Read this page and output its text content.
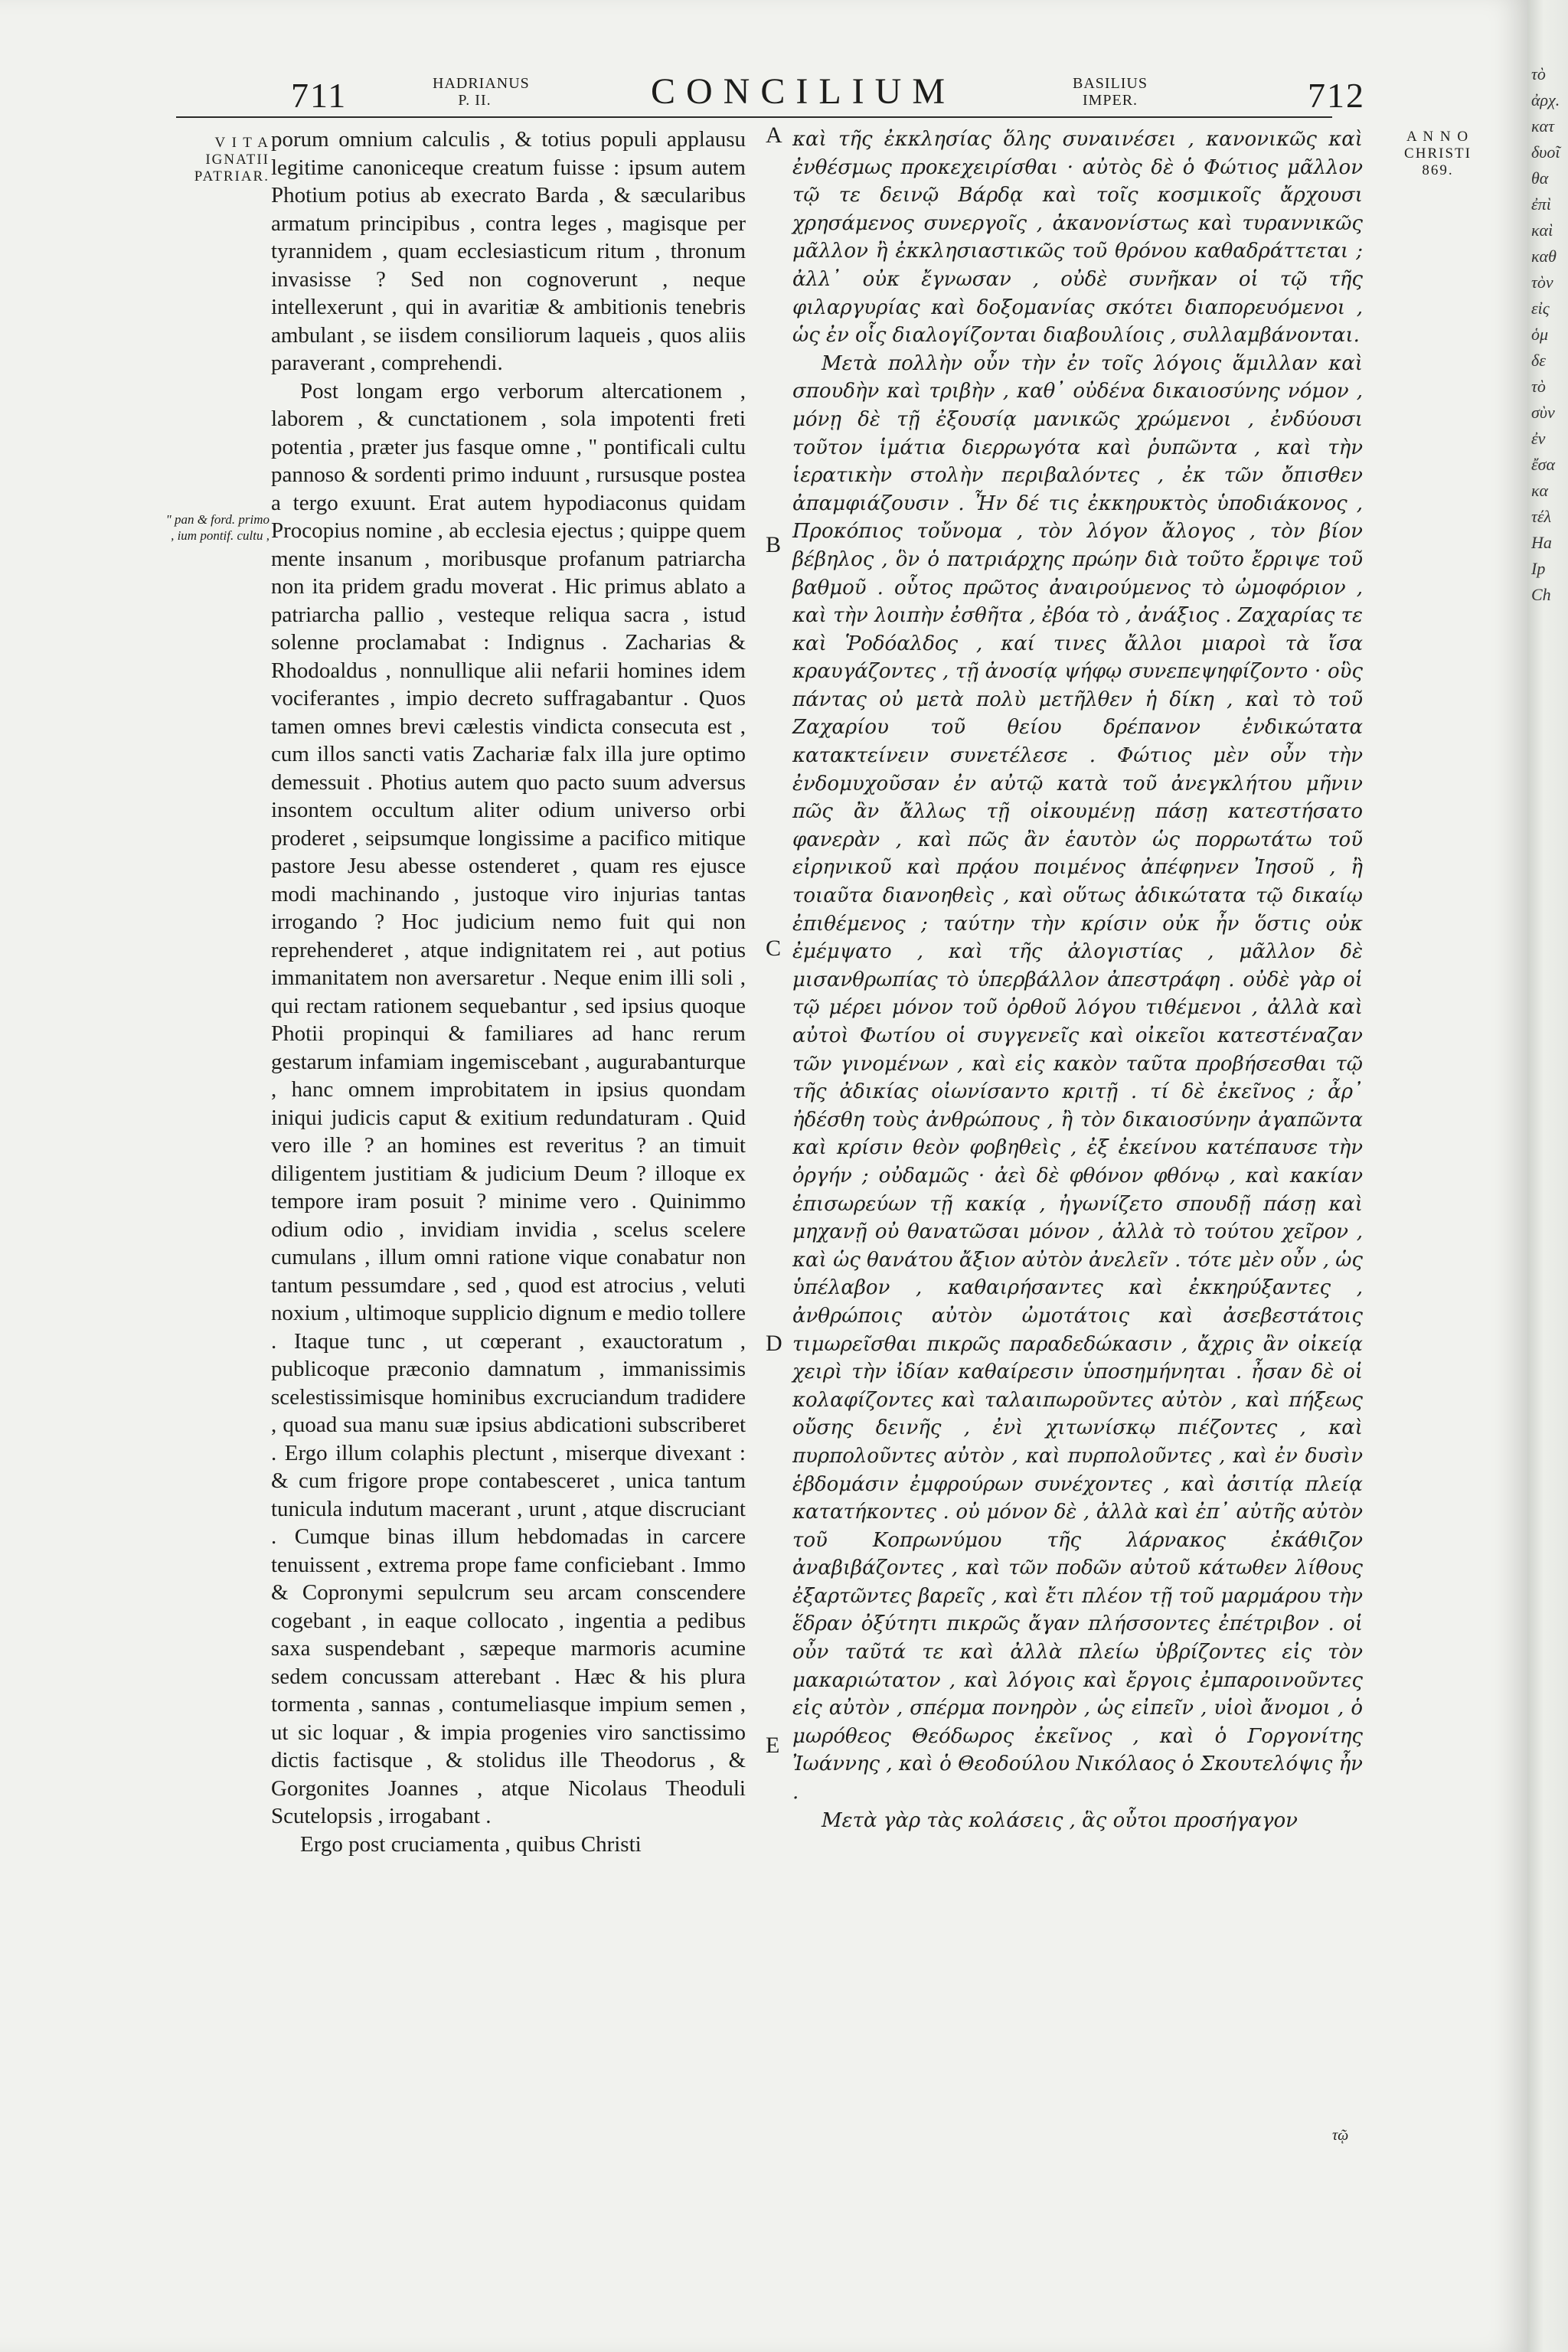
711	HADRIANUS
P. II.	CONCILIUM	BASILIUS
IMPER.	712
V I T A
IGNATII
PATRIAR.
" pan & ford. primo , ium pontif. cultu ,
A N N O
CHRISTI
869.

porum omnium calculis , & totius populi applausu legitime canoniceque creatum fuisse : ipsum autem Photium potius ab execrato Barda , & sæcularibus armatum principibus , contra leges , magisque per tyrannidem , quam ecclesiasticum ritum , thronum invasisse ? Sed non cognoverunt , neque intellexerunt , qui in avaritiæ & ambitionis tenebris ambulant , se iisdem consiliorum laqueis , quos aliis paraverant , comprehendi.

Post longam ergo verborum altercationem , laborem , & cunctationem , sola impotenti freti potentia , præter jus fasque omne , " pontificali cultu pannoso & sordenti primo induunt , rursusque postea a tergo exuunt. Erat autem hypodiaconus quidam Procopius nomine , ab ecclesia ejectus ; quippe quem mente insanum , moribusque profanum patriarcha non ita pridem gradu moverat . Hic primus ablato a patriarcha pallio , vesteque reliqua sacra , istud solenne proclamabat : Indignus . Zacharias & Rhodoaldus , nonnullique alii nefarii homines idem vociferantes , impio decreto suffragabantur . Quos tamen omnes brevi cælestis vindicta consecuta est , cum illos sancti vatis Zachariæ falx illa jure optimo demessuit . Photius autem quo pacto suum adversus insontem occultum aliter odium universo orbi proderet , seipsumque longissime a pacifico mitique pastore Jesu abesse ostenderet , quam res ejusce modi machinando , justoque viro injurias tantas irrogando ? Hoc judicium nemo fuit qui non reprehenderet , atque indignitatem rei , aut potius immanitatem non aversaretur . Neque enim illi soli , qui rectam rationem sequebantur , sed ipsius quoque Photii propinqui & familiares ad hanc rerum gestarum infamiam ingemiscebant , augurabanturque , hanc omnem improbitatem in ipsius quondam iniqui judicis caput & exitium redundaturam . Quid vero ille ? an homines est reveritus ? an timuit diligentem justitiam & judicium Deum ? illoque ex tempore iram posuit ? minime vero . Quinimmo odium odio , invidiam invidia , scelus scelere cumulans , illum omni ratione vique conabatur non tantum pessumdare , sed , quod est atrocius , veluti noxium , ultimoque supplicio dignum e medio tollere . Itaque tunc , ut cœperant , exauctoratum , publicoque præconio damnatum , immanissimis scelestissimisque hominibus excruciandum tradidere , quoad sua manu suæ ipsius abdicationi subscriberet . Ergo illum colaphis plectunt , miserque divexant : & cum frigore prope contabesceret , unica tantum tunicula indutum macerant , urunt , atque discruciant . Cumque binas illum hebdomadas in carcere tenuissent , extrema prope fame conficiebant . Immo & Copronymi sepulcrum seu arcam conscendere cogebant , in eaque collocato , ingentia a pedibus saxa suspendebant , sæpeque marmoris acumine sedem concussam atterebant . Hæc & his plura tormenta , sannas , contumeliasque impium semen , ut sic loquar , & impia progenies viro sanctissimo dictis factisque , & stolidus ille Theodorus , & Gorgonites Joannes , atque Nicolaus Theoduli Scutelopsis , irrogabant .

Ergo post cruciamenta , quibus Christi

A
B
C
D
E

καὶ τῆς ἐκκλησίας ὅλης συναινέσει , κανονικῶς καὶ ἐνθέσμως προκεχειρίσθαι · αὐτὸς δὲ ὁ Φώτιος μᾶλλον τῷ τε δεινῷ Βάρδᾳ καὶ τοῖς κοσμικοῖς ἄρχουσι χρησάμενος συνεργοῖς , ἀκανονίστως καὶ τυραννικῶς μᾶλλον ἢ ἐκκλησιαστικῶς τοῦ θρόνου καθαδράττεται ; ἀλλ᾽ οὐκ ἔγνωσαν , οὐδὲ συνῆκαν οἱ τῷ τῆς φιλαργυρίας καὶ δοξομανίας σκότει διαπορευόμενοι , ὡς ἐν οἷς διαλογίζονται διαβουλίοις , συλλαμβάνονται.

Μετὰ πολλὴν οὖν τὴν ἐν τοῖς λόγοις ἅμιλλαν καὶ σπουδὴν καὶ τριβὴν , καθ᾽ οὐδένα δικαιοσύνης νόμον , μόνῃ δὲ τῇ ἐξουσίᾳ μανικῶς χρώμενοι , ἐνδύουσι τοῦτον ἱμάτια διερρωγότα καὶ ῥυπῶντα , καὶ τὴν ἱερατικὴν στολὴν περιβαλόντες , ἐκ τῶν ὄπισθεν ἀπαμφιάζουσιν . Ἦν δέ τις ἐκκηρυκτὸς ὑποδιάκονος , Προκόπιος τοὔνομα , τὸν λόγον ἄλογος , τὸν βίον βέβηλος , ὃν ὁ πατριάρχης πρώην διὰ τοῦτο ἔρριψε τοῦ βαθμοῦ . οὗτος πρῶτος ἀναιρούμενος τὸ ὠμοφόριον , καὶ τὴν λοιπὴν ἐσθῆτα , ἐβόα τὸ , ἀνάξιος . Ζαχαρίας τε καὶ Ῥοδόαλδος , καί τινες ἄλλοι μιαροὶ τὰ ἴσα κραυγάζοντες , τῇ ἀνοσίᾳ ψήφῳ συνεπεψηφίζοντο · οὓς πάντας οὐ μετὰ πολὺ μετῆλθεν ἡ δίκη , καὶ τὸ τοῦ Ζαχαρίου τοῦ θείου δρέπανον ἐνδικώτατα κατακτείνειν συνετέλεσε . Φώτιος μὲν οὖν τὴν ἐνδομυχοῦσαν ἐν αὐτῷ κατὰ τοῦ ἀνεγκλήτου μῆνιν πῶς ἂν ἄλλως τῇ οἰκουμένῃ πάσῃ κατεστήσατο φανερὰν , καὶ πῶς ἂν ἑαυτὸν ὡς πορρωτάτω τοῦ εἰρηνικοῦ καὶ πρᾴου ποιμένος ἀπέφηνεν Ἰησοῦ , ἢ τοιαῦτα διανοηθεὶς , καὶ οὕτως ἀδικώτατα τῷ δικαίῳ ἐπιθέμενος ; ταύτην τὴν κρίσιν οὐκ ἦν ὅστις οὐκ ἐμέμψατο , καὶ τῆς ἀλογιστίας , μᾶλλον δὲ μισανθρωπίας τὸ ὑπερβάλλον ἀπεστράφη . οὐδὲ γὰρ οἱ τῷ μέρει μόνον τοῦ ὀρθοῦ λόγου τιθέμενοι , ἀλλὰ καὶ αὐτοὶ Φωτίου οἱ συγγενεῖς καὶ οἰκεῖοι κατεστέναζαν τῶν γινομένων , καὶ εἰς κακὸν ταῦτα προβήσεσθαι τῷ τῆς ἀδικίας οἰωνίσαντο κριτῇ . τί δὲ ἐκεῖνος ; ἆρ᾽ ἠδέσθη τοὺς ἀνθρώπους , ἢ τὸν δικαιοσύνην ἀγαπῶντα καὶ κρίσιν θεὸν φοβηθεὶς , ἐξ ἐκείνου κατέπαυσε τὴν ὀργήν ; οὐδαμῶς · ἀεὶ δὲ φθόνον φθόνῳ , καὶ κακίαν ἐπισωρεύων τῇ κακίᾳ , ἠγωνίζετο σπουδῇ πάσῃ καὶ μηχανῇ οὐ θανατῶσαι μόνον , ἀλλὰ τὸ τούτου χεῖρον , καὶ ὡς θανάτου ἄξιον αὐτὸν ἀνελεῖν . τότε μὲν οὖν , ὡς ὑπέλαβον , καθαιρήσαντες καὶ ἐκκηρύξαντες , ἀνθρώποις αὐτὸν ὠμοτάτοις καὶ ἀσεβεστάτοις τιμωρεῖσθαι πικρῶς παραδεδώκασιν , ἄχρις ἂν οἰκείᾳ χειρὶ τὴν ἰδίαν καθαίρεσιν ὑποσημήνηται . ἦσαν δὲ οἱ κολαφίζοντες καὶ ταλαιπωροῦντες αὐτὸν , καὶ πήξεως οὔσης δεινῆς , ἐνὶ χιτωνίσκῳ πιέζοντες , καὶ πυρπολοῦντες αὐτὸν , καὶ πυρπολοῦντες , καὶ ἐν δυσὶν ἑβδομάσιν ἐμφρούρων συνέχοντες , καὶ ἀσιτίᾳ πλείᾳ κατατήκοντες . οὐ μόνον δὲ , ἀλλὰ καὶ ἐπ᾽ αὐτῆς αὐτὸν τοῦ Κοπρωνύμου τῆς λάρνακος ἐκάθιζον ἀναβιβάζοντες , καὶ τῶν ποδῶν αὐτοῦ κάτωθεν λίθους ἐξαρτῶντες βαρεῖς , καὶ ἔτι πλέον τῇ τοῦ μαρμάρου τὴν ἕδραν ὀξύτητι πικρῶς ἄγαν πλήσσοντες ἐπέτριβον . οἱ οὖν ταῦτά τε καὶ ἀλλὰ πλείω ὑβρίζοντες εἰς τὸν μακαριώτατον , καὶ λόγοις καὶ ἔργοις ἐμπαροινοῦντες εἰς αὐτὸν , σπέρμα πονηρὸν , ὡς εἰπεῖν , υἱοὶ ἄνομοι , ὁ μωρόθεος Θεόδωρος ἐκεῖνος , καὶ ὁ Γοργονίτης Ἰωάννης , καὶ ὁ Θεοδούλου Νικόλαος ὁ Σκουτελόψις ἦν .

Μετὰ γὰρ τὰς κολάσεις , ἃς οὗτοι προσήγαγον

τῷ
τὸ
ἀρχ.
κατ
δυοῖ
θα
ἐπὶ
καὶ
καθ
τὸν
εἰς
ὁμ
δε
τὸ
σὺν
ἐν
ἔσα
κα
τέλ
Ha
Ip
Ch
